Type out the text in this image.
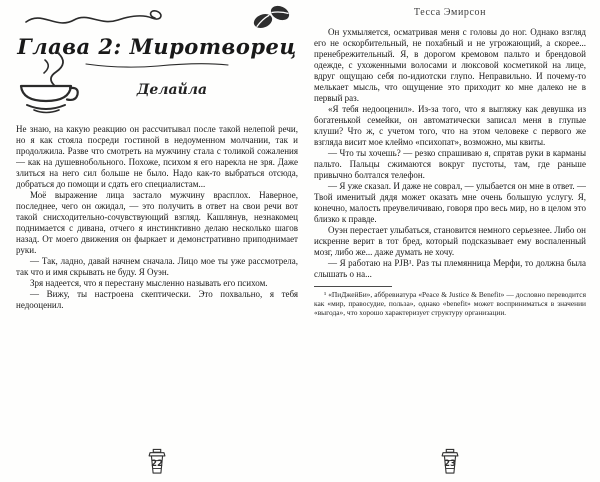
Глава 2: Миротворец
Делайла

Не знаю, на какую реакцию он рассчитывал после такой нелепой речи, но я как стояла посреди гостиной в недоуменном молчании, так и продолжила. Разве что смотреть на мужчину стала с толикой сожаления — как на душевнобольного. Похоже, психом я его нарекла не зря. Даже злиться на него сил больше не было. Надо как-то выбраться отсюда, добраться до помощи и сдать его специалистам...

Моё выражение лица застало мужчину врасплох. Наверное, последнее, чего он ожидал, — это получить в ответ на свои речи вот такой снисходительно-сочувствующий взгляд. Кашлянув, незнакомец поднимается с дивана, отчего я инстинктивно делаю несколько шагов назад. От моего движения он фыркает и демонстративно приподнимает руки.

— Так, ладно, давай начнем сначала. Лицо мое ты уже рассмотрела, так что и имя скрывать не буду. Я Оуэн.

Зря надеется, что я перестану мысленно называть его психом.

— Вижу, ты настроена скептически. Это похвально, я тебя недооценил.

22
Тесса Эмирсон

Он ухмыляется, осматривая меня с головы до ног. Однако взгляд его не оскорбительный, не похабный и не угрожающий, а скорее... пренебрежительный. Я, в дорогом кремовом пальто и брендовой одежде, с ухоженными волосами и люксовой косметикой на лице, вдруг ощущаю себя по-идиотски глупо. Неправильно. И почему-то мелькает мысль, что ощущение это приходит ко мне далеко не в первый раз.

«Я тебя недооценил». Из-за того, что я выгляжу как девушка из богатенькой семейки, он автоматически записал меня в глупые клуши? Что ж, с учетом того, что на этом человеке с первого же взгляда висит мое клеймо «психопат», возможно, мы квиты.

— Что ты хочешь? — резко спрашиваю я, спрятав руки в карманы пальто. Пальцы сжимаются вокруг пустоты, там, где раньше привычно болтался телефон.

— Я уже сказал. И даже не соврал, — улыбается он мне в ответ. — Твой именитый дядя может оказать мне очень большую услугу. Я, конечно, малость преувеличиваю, говоря про весь мир, но в целом это близко к правде.

Оуэн перестает улыбаться, становится немного серьезнее. Либо он искренне верит в тот бред, который подсказывает ему воспаленный мозг, либо же... даже думать не хочу.

— Я работаю на PJB¹. Раз ты племянница Мерфи, то должна была слышать о на...

¹ «ПиДжейБи», аббревиатура «Peace & Justice & Benefit» — дословно переводится как «мир, правосудие, польза», однако «benefit» может восприниматься в значении «выгода», что хорошо характеризует структуру организации.

23
